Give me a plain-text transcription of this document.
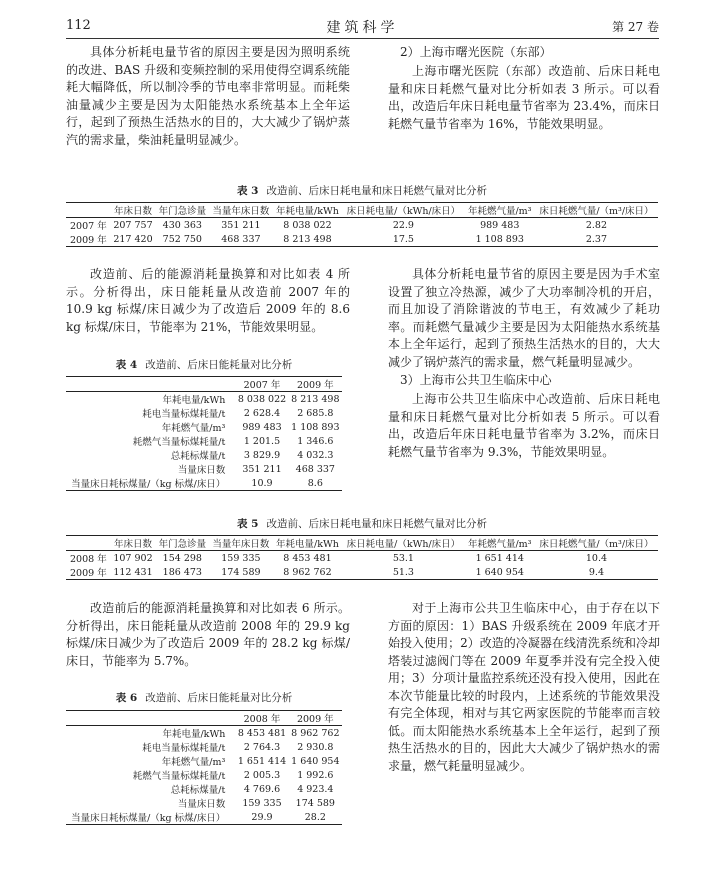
112	建筑科学	第 27 卷

具体分析耗电量节省的原因主要是因为照明系统的改进、BAS 升级和变频控制的采用使得空调系统能耗大幅降低，所以制冷季的节电率非常明显。而耗柴油量减少主要是因为太阳能热水系统基本上全年运行，起到了预热生活热水的目的，大大减少了锅炉蒸汽的需求量，柴油耗量明显减少。

2）上海市曙光医院（东部）

上海市曙光医院（东部）改造前、后床日耗电量和床日耗燃气量对比分析如表 3 所示。可以看出，改造后年床日耗电量节省率为 23.4%，而床日耗燃气量节省率为 16%，节能效果明显。

表 3 改造前、后床日耗电量和床日耗燃气量对比分析

	年床日数	年门急诊量	当量年床日数	年耗电量/kWh	床日耗电量/（kWh/床日）	年耗燃气量/m³	床日耗燃气量/（m³/床日）
2007 年	207 757	430 363	351 211	8 038 022	22.9	989 483	2.82
2009 年	217 420	752 750	468 337	8 213 498	17.5	1 108 893	2.37

改造前、后的能源消耗量换算和对比如表 4 所示。分析得出，床日能耗量从改造前 2007 年的 10.9 kg 标煤/床日减少为了改造后 2009 年的 8.6 kg 标煤/床日，节能率为 21%，节能效果明显。

具体分析耗电量节省的原因主要是因为手术室设置了独立冷热源，减少了大功率制冷机的开启，而且加设了消除谐波的节电王，有效减少了耗功率。而耗燃气量减少主要是因为太阳能热水系统基本上全年运行，起到了预热生活热水的目的，大大减少了锅炉蒸汽的需求量，燃气耗量明显减少。

3）上海市公共卫生临床中心

上海市公共卫生临床中心改造前、后床日耗电量和床日耗燃气量对比分析如表 5 所示。可以看出，改造后年床日耗电量节省率为 3.2%，而床日耗燃气量节省率为 9.3%，节能效果明显。

表 4 改造前、后床日能耗量对比分析

	2007 年	2009 年
年耗电量/kWh	8 038 022	8 213 498
耗电当量标煤耗量/t	2 628.4	2 685.8
年耗燃气量/m³	989 483	1 108 893
耗燃气当量标煤耗量/t	1 201.5	1 346.6
总耗标煤量/t	3 829.9	4 032.3
当量床日数	351 211	468 337
当量床日耗标煤量/（kg 标煤/床日）	10.9	8.6

表 5 改造前、后床日耗电量和床日耗燃气量对比分析

	年床日数	年门急诊量	当量年床日数	年耗电量/kWh	床日耗电量/（kWh/床日）	年耗燃气量/m³	床日耗燃气量/（m³/床日）
2008 年	107 902	154 298	159 335	8 453 481	53.1	1 651 414	10.4
2009 年	112 431	186 473	174 589	8 962 762	51.3	1 640 954	9.4

改造前后的能源消耗量换算和对比如表 6 所示。分析得出，床日能耗量从改造前 2008 年的 29.9 kg 标煤/床日减少为了改造后 2009 年的 28.2 kg 标煤/床日，节能率为 5.7%。

对于上海市公共卫生临床中心，由于存在以下方面的原因：1）BAS 升级系统在 2009 年底才开始投入使用；2）改造的冷凝器在线清洗系统和冷却塔装过滤阀门等在 2009 年夏季并没有完全投入使用；3）分项计量监控系统还没有投入使用，因此在本次节能量比较的时段内，上述系统的节能效果没有完全体现，相对与其它两家医院的节能率而言较低。而太阳能热水系统基本上全年运行，起到了预热生活热水的目的，因此大大减少了锅炉热水的需求量，燃气耗量明显减少。

表 6 改造前、后床日能耗量对比分析

	2008 年	2009 年
年耗电量/kWh	8 453 481	8 962 762
耗电当量标煤耗量/t	2 764.3	2 930.8
年耗燃气量/m³	1 651 414	1 640 954
耗燃气当量标煤耗量/t	2 005.3	1 992.6
总耗标煤量/t	4 769.6	4 923.4
当量床日数	159 335	174 589
当量床日耗标煤量/（kg 标煤/床日）	29.9	28.2
